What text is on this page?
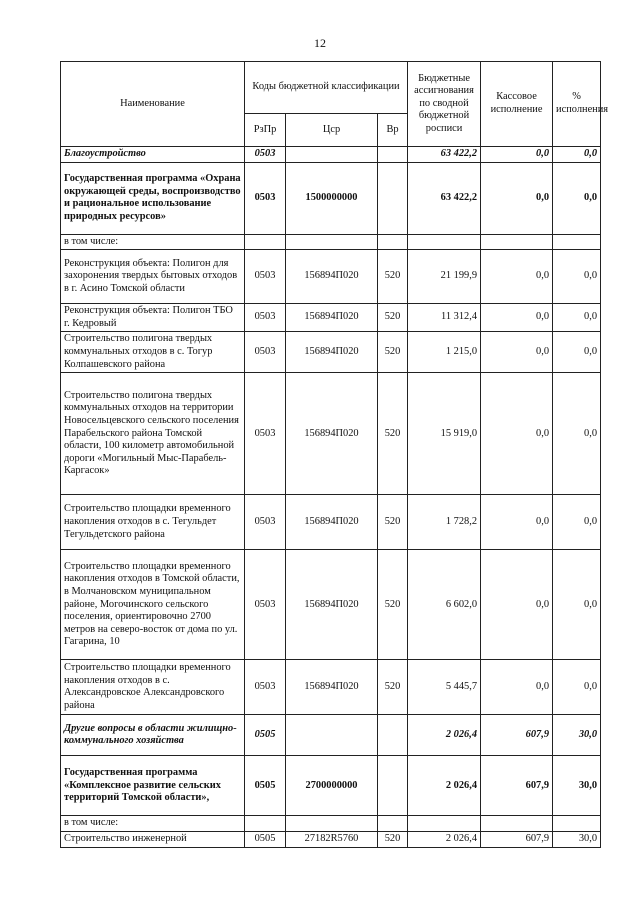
12
Наименование	Коды бюджетной классификации			Бюджетные ассигнования по сводной бюджетной росписи	Кассовое исполнение	% исполнения
	РзПр	Цср	Вр			
Благоустройство	0503			63 422,2	0,0	0,0
Государственная программа «Охрана окружающей среды, воспроизводство и рациональное использование природных ресурсов»	0503	1500000000		63 422,2	0,0	0,0
в том числе:						
Реконструкция объекта: Полигон для захоронения твердых бытовых отходов в г. Асино Томской области	0503	156894П020	520	21 199,9	0,0	0,0
Реконструкция объекта: Полигон ТБО г. Кедровый	0503	156894П020	520	11 312,4	0,0	0,0
Строительство полигона твердых коммунальных отходов в с. Тогур Колпашевского района	0503	156894П020	520	1 215,0	0,0	0,0
Строительство полигона твердых коммунальных отходов на территории Новосельцевского сельского поселения Парабельского района Томской области, 100 километр автомобильной дороги «Могильный Мыс-Парабель-Каргасок»	0503	156894П020	520	15 919,0	0,0	0,0
Строительство площадки временного накопления отходов в с. Тегульдет Тегульдетского района	0503	156894П020	520	1 728,2	0,0	0,0
Строительство площадки временного накопления отходов в Томской области, в Молчановском муниципальном районе, Могочинского сельского поселения, ориентировочно 2700 метров на северо-восток от дома по ул. Гагарина, 10	0503	156894П020	520	6 602,0	0,0	0,0
Строительство площадки временного накопления отходов в с. Александровское Александровского района	0503	156894П020	520	5 445,7	0,0	0,0
Другие вопросы в области жилищно-коммунального хозяйства	0505			2 026,4	607,9	30,0
Государственная программа «Комплексное развитие сельских территорий Томской области»,	0505	2700000000		2 026,4	607,9	30,0
в том числе:						
Строительство инженерной	0505	27182R5760	520	2 026,4	607,9	30,0
